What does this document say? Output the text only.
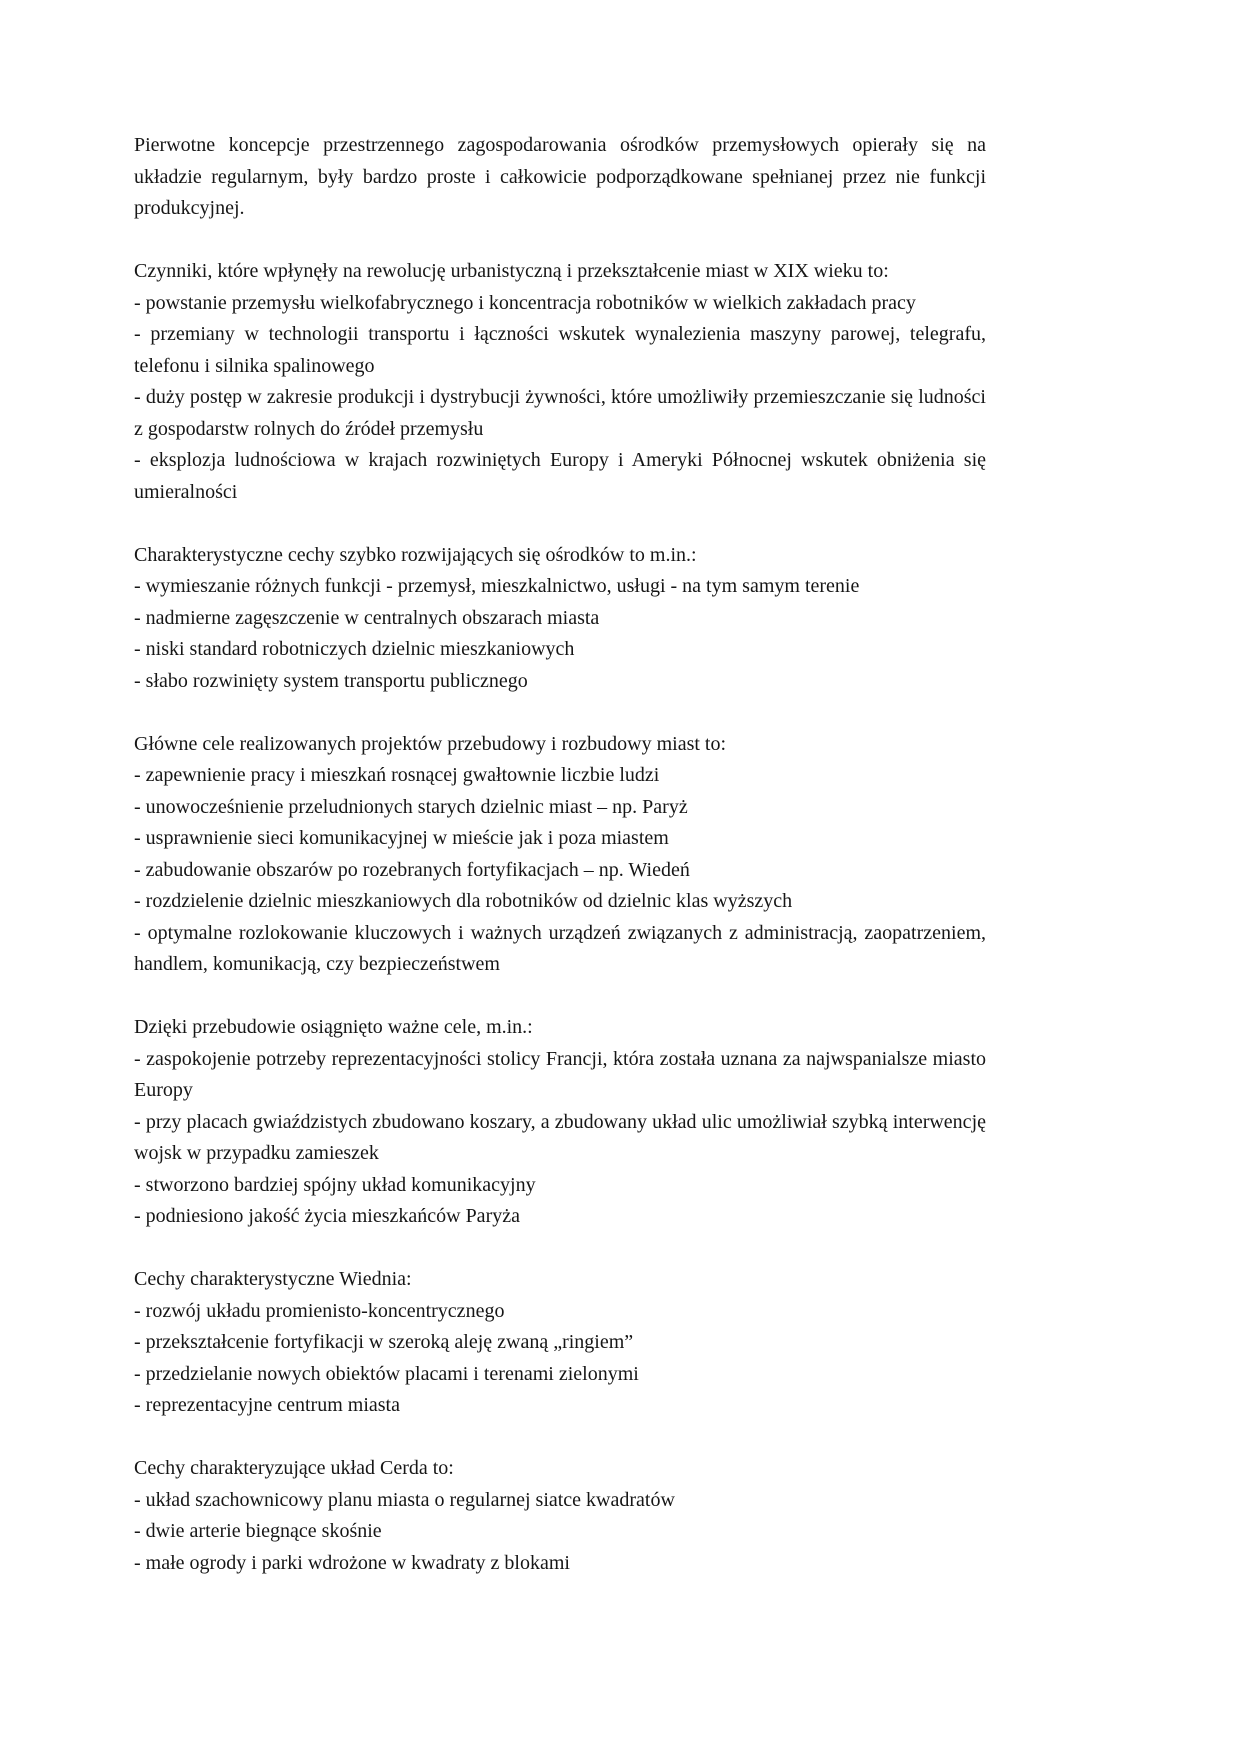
Pierwotne koncepcje przestrzennego zagospodarowania ośrodków przemysłowych opierały się na układzie regularnym, były bardzo proste i całkowicie podporządkowane spełnianej przez nie funkcji produkcyjnej.

Czynniki, które wpłynęły na rewolucję urbanistyczną i przekształcenie miast w XIX wieku to:

- powstanie przemysłu wielkofabrycznego i koncentracja robotników w wielkich zakładach pracy

- przemiany w technologii transportu i łączności wskutek wynalezienia maszyny parowej, telegrafu, telefonu i silnika spalinowego

- duży postęp w zakresie produkcji i dystrybucji żywności, które umożliwiły przemieszczanie się ludności z gospodarstw rolnych do źródeł przemysłu

- eksplozja ludnościowa w krajach rozwiniętych Europy i Ameryki Północnej wskutek obniżenia się umieralności

Charakterystyczne cechy szybko rozwijających się ośrodków to m.in.:

- wymieszanie różnych funkcji - przemysł, mieszkalnictwo, usługi - na tym samym terenie

- nadmierne zagęszczenie w centralnych obszarach miasta

- niski standard robotniczych dzielnic mieszkaniowych

- słabo rozwinięty system transportu publicznego

Główne cele realizowanych projektów przebudowy i rozbudowy miast to:

- zapewnienie pracy i mieszkań rosnącej gwałtownie liczbie ludzi

- unowocześnienie przeludnionych starych dzielnic miast – np. Paryż

- usprawnienie sieci komunikacyjnej w mieście jak i poza miastem

- zabudowanie obszarów po rozebranych fortyfikacjach – np. Wiedeń

- rozdzielenie dzielnic mieszkaniowych dla robotników od dzielnic klas wyższych

- optymalne rozlokowanie kluczowych i ważnych urządzeń związanych z administracją, zaopatrzeniem, handlem, komunikacją, czy bezpieczeństwem

Dzięki przebudowie osiągnięto ważne cele, m.in.:

- zaspokojenie potrzeby reprezentacyjności stolicy Francji, która została uznana za najwspanialsze miasto Europy

- przy placach gwiaździstych zbudowano koszary, a zbudowany układ ulic umożliwiał szybką interwencję wojsk w przypadku zamieszek

- stworzono bardziej spójny układ komunikacyjny

- podniesiono jakość życia mieszkańców Paryża

Cechy charakterystyczne Wiednia:

- rozwój układu promienisto-koncentrycznego

- przekształcenie fortyfikacji w szeroką aleję zwaną „ringiem”

- przedzielanie nowych obiektów placami i terenami zielonymi

- reprezentacyjne centrum miasta

Cechy charakteryzujące układ Cerda to:

- układ szachownicowy planu miasta o regularnej siatce kwadratów

- dwie arterie biegnące skośnie

- małe ogrody i parki wdrożone w kwadraty z blokami
